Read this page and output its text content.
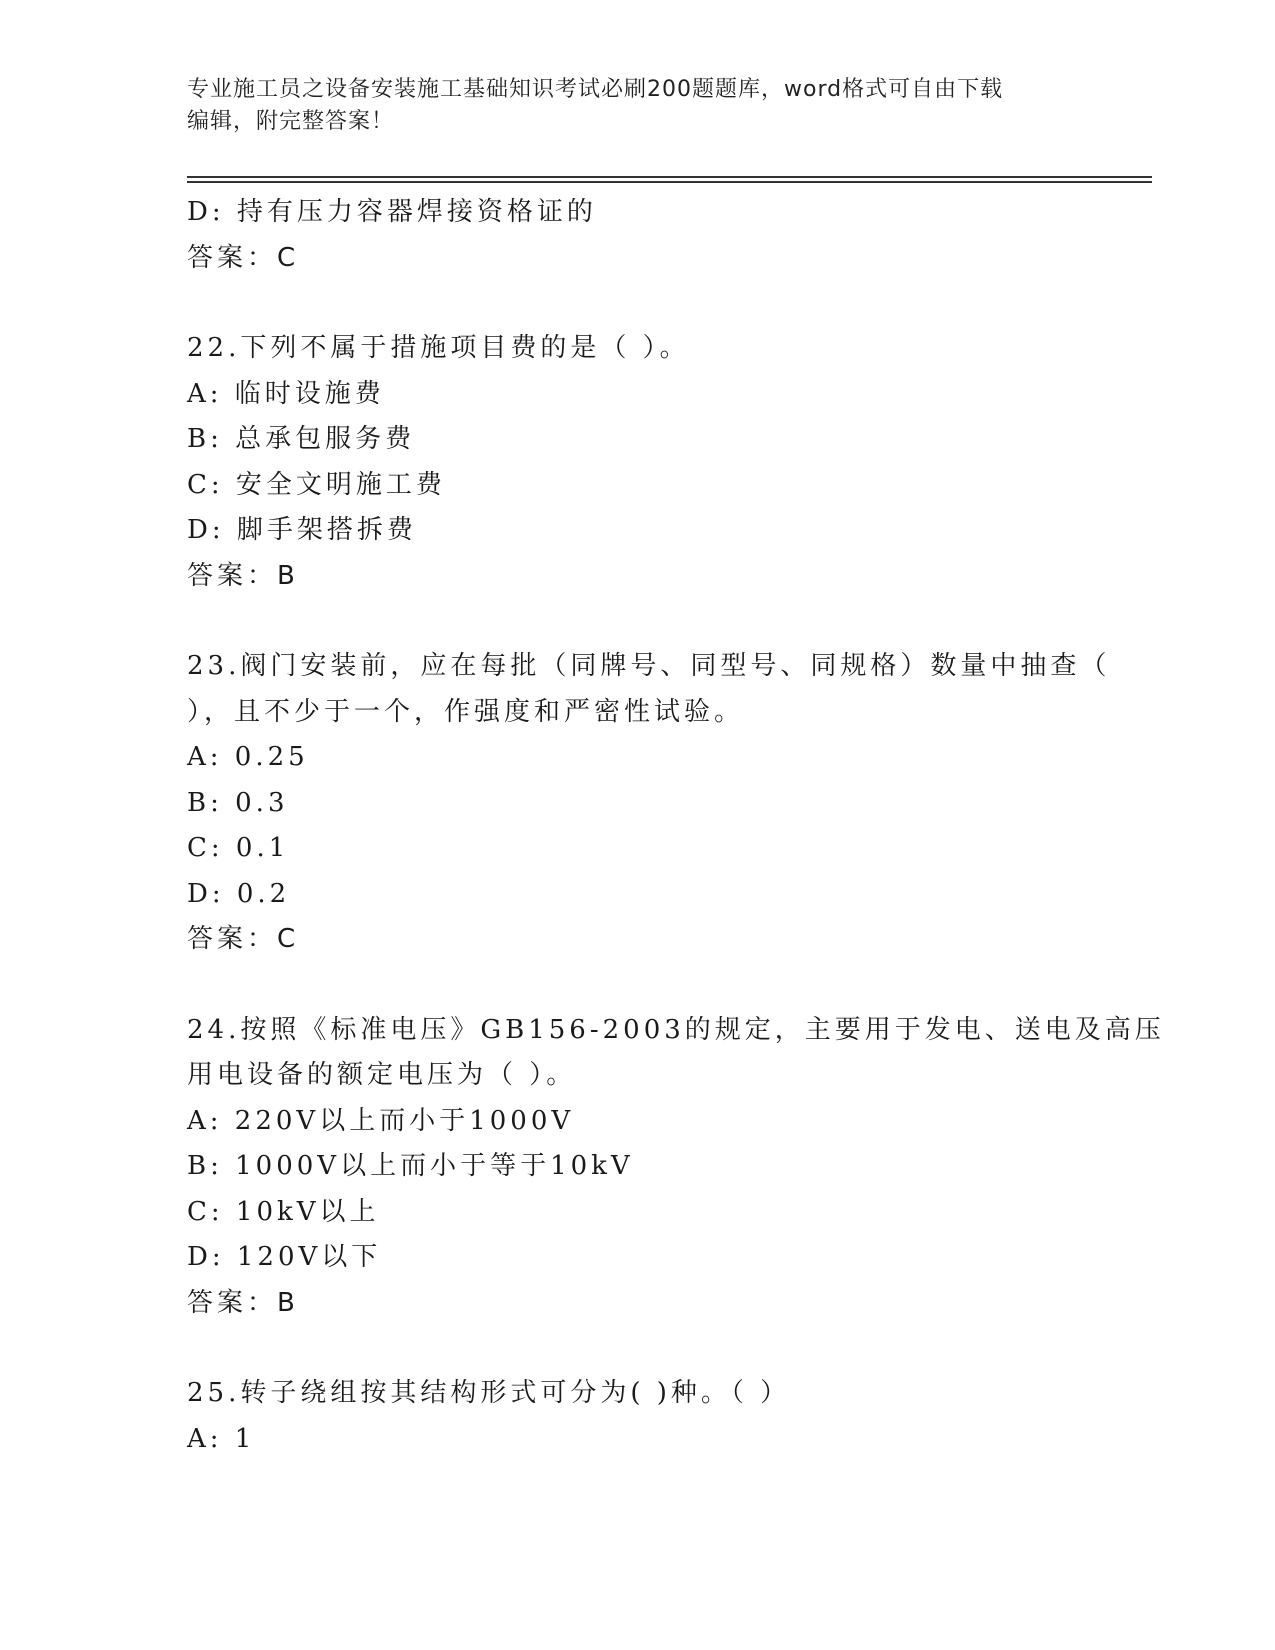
专业施工员之设备安装施工基础知识考试必刷200题题库，word格式可自由下载
编辑，附完整答案！
D: 持有压力容器焊接资格证的
答案：C
22.下列不属于措施项目费的是（ ）。
A: 临时设施费
B: 总承包服务费
C: 安全文明施工费
D: 脚手架搭拆费
答案：B
23.阀门安装前，应在每批（同牌号、同型号、同规格）数量中抽查（
），且不少于一个，作强度和严密性试验。
A: 0.25
B: 0.3
C: 0.1
D: 0.2
答案：C
24.按照《标准电压》GB156-2003的规定，主要用于发电、送电及高压
用电设备的额定电压为（ ）。
A: 220V以上而小于1000V
B: 1000V以上而小于等于10kV
C: 10kV以上
D: 120V以下
答案：B
25.转子绕组按其结构形式可分为( )种。（ ）
A: 1
